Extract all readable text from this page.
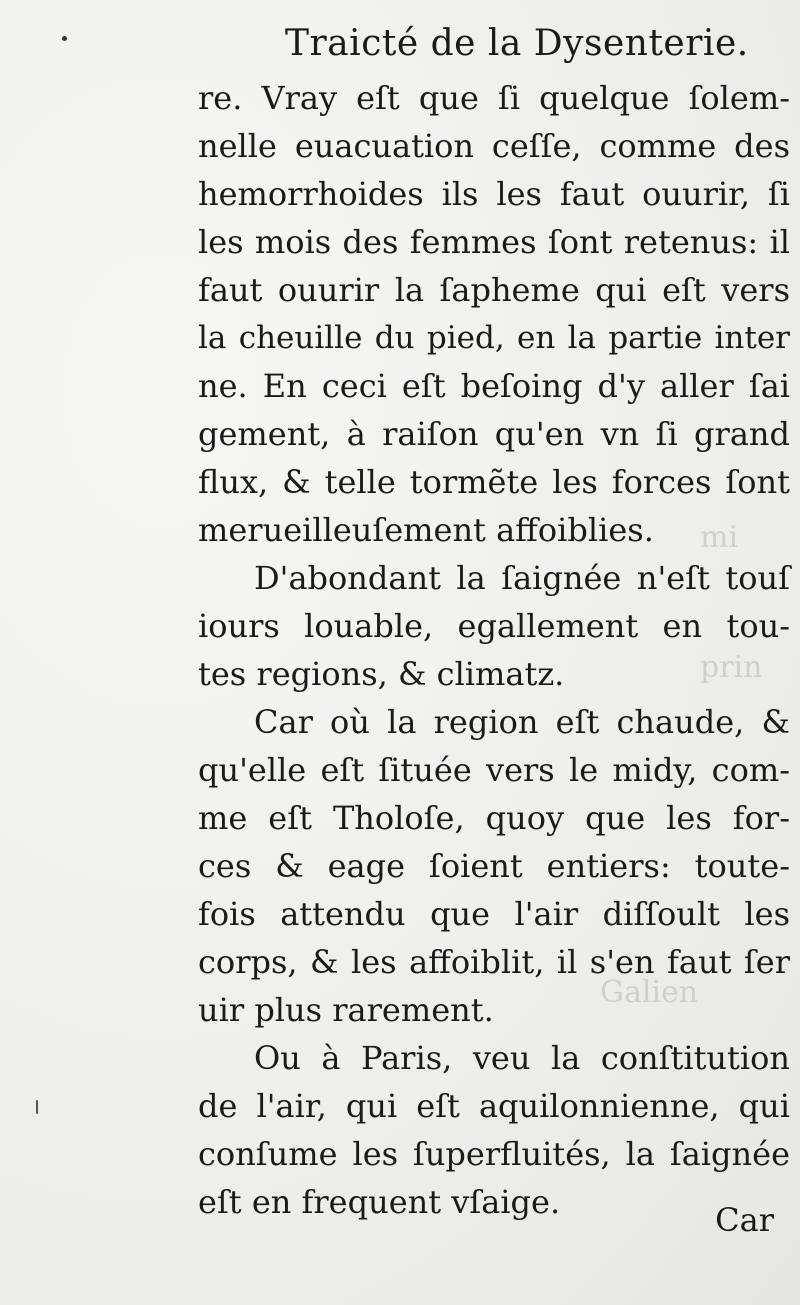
mi
prin
Galien
Traicté de la Dysenterie.
re. Vray eſt que ſi quelque ſolem-
nelle euacuation ceſſe, comme des
hemorrhoides ils les faut ouurir, ſi
les mois des femmes ſont retenus: il
faut ouurir la ſapheme qui eſt vers
la cheuille du pied, en la partie inter
ne. En ceci eſt beſoing d'y aller ſai
gement, à raiſon qu'en vn ſi grand
flux, & telle tormẽte les forces ſont
merueilleuſement affoiblies.
D'abondant la ſaignée n'eſt touſ
iours louable, egallement en tou-
tes regions, & climatz.
Car où la region eſt chaude, &
qu'elle eſt ſituée vers le midy, com-
me eſt Tholoſe, quoy que les for-
ces & eage ſoient entiers: toute-
fois attendu que l'air diſſoult les
corps, & les affoiblit, il s'en faut ſer
uir plus rarement.
Ou à Paris, veu la conſtitution
de l'air, qui eſt aquilonnienne, qui
conſume les ſuperfluités, la ſaignée
eſt en frequent vſaige.	Car
